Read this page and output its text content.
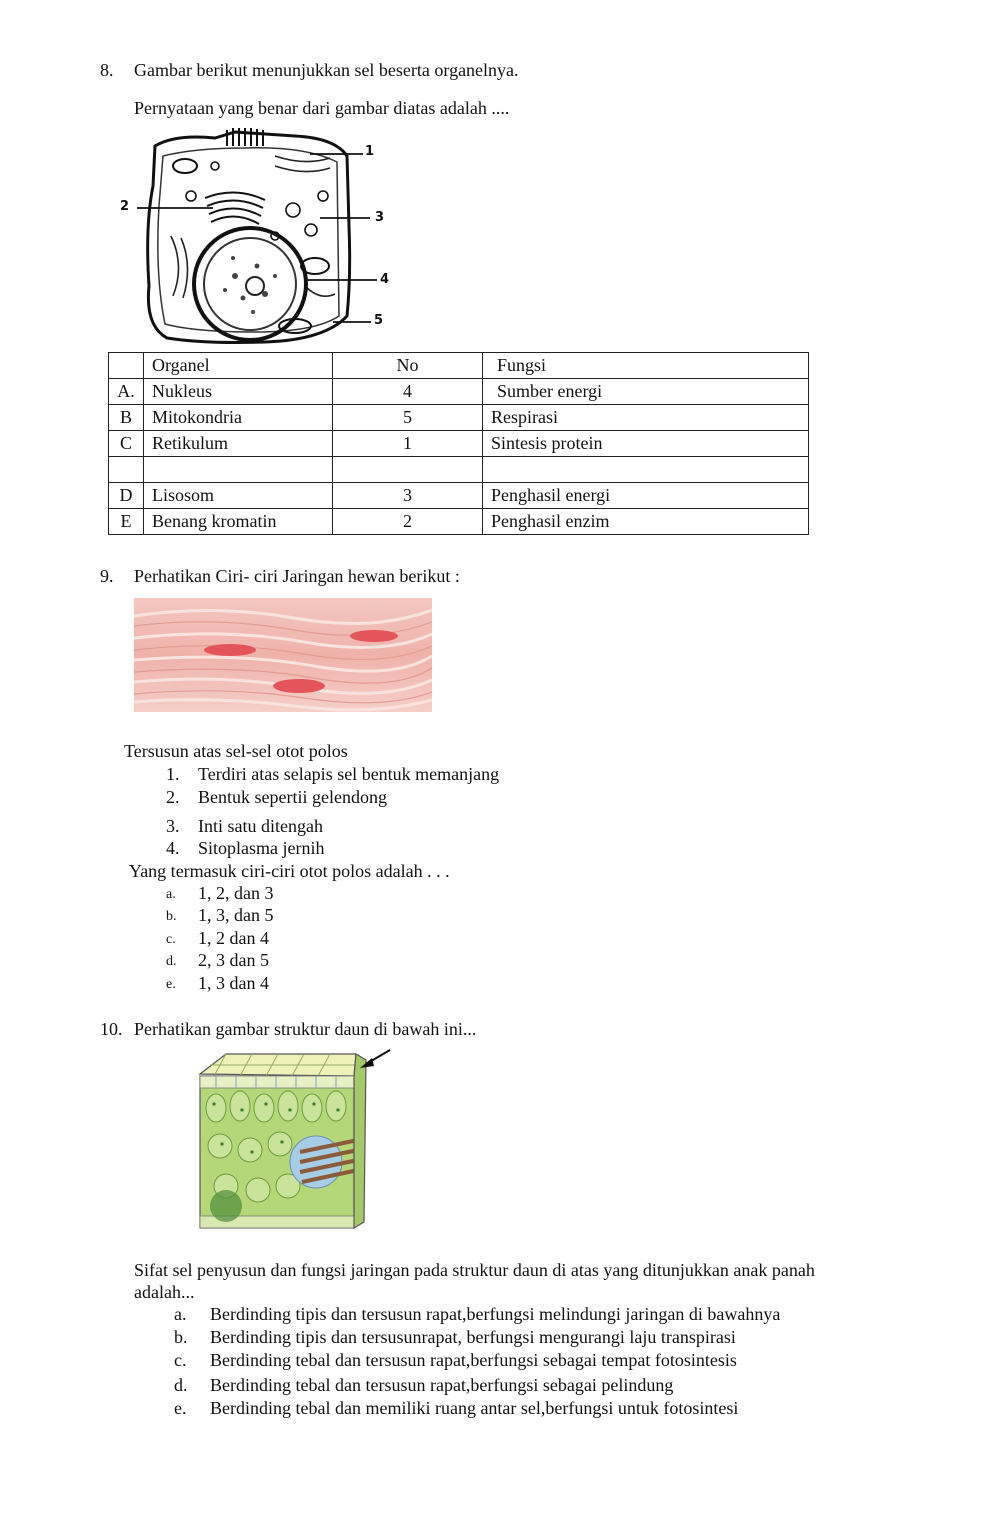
8. Gambar berikut menunjukkan sel beserta organelnya.
Pernyataan yang benar dari gambar diatas adalah ....
1
2
3
4
5
	Organel	No	Fungsi
A.	Nukleus	4	Sumber energi
B	Mitokondria	5	Respirasi
C	Retikulum	1	Sintesis protein

D	Lisosom	3	Penghasil energi
E	Benang kromatin	2	Penghasil enzim
9. Perhatikan Ciri- ciri Jaringan hewan berikut :
Tersusun atas sel-sel otot polos
1. Terdiri atas selapis sel bentuk memanjang
2. Bentuk sepertii gelendong
3. Inti satu ditengah
4. Sitoplasma jernih
Yang termasuk ciri-ciri otot polos adalah . . .
a. 1, 2, dan 3
b. 1, 3, dan 5
c. 1, 2 dan 4
d. 2, 3 dan 5
e. 1, 3 dan 4
10. Perhatikan gambar struktur daun di bawah ini...
Sifat sel penyusun dan fungsi jaringan pada struktur daun di atas yang ditunjukkan anak panah
adalah...
a. Berdinding tipis dan tersusun rapat,berfungsi melindungi jaringan di bawahnya
b. Berdinding tipis dan tersusunrapat, berfungsi mengurangi laju transpirasi
c. Berdinding tebal dan tersusun rapat,berfungsi sebagai tempat fotosintesis
d. Berdinding tebal dan tersusun rapat,berfungsi sebagai pelindung
e. Berdinding tebal dan memiliki ruang antar sel,berfungsi untuk fotosintesi
